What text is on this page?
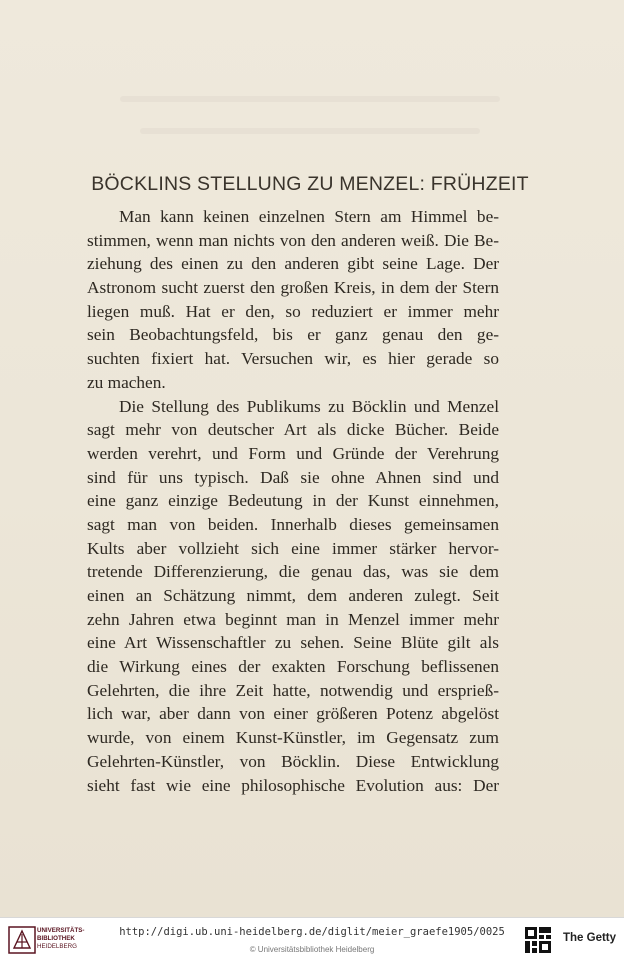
BÖCKLINS STELLUNG ZU MENZEL: FRÜHZEIT
Man kann keinen einzelnen Stern am Himmel be-
stimmen, wenn man nichts von den anderen weiß. Die Be-
ziehung des einen zu den anderen gibt seine Lage. Der
Astronom sucht zuerst den großen Kreis, in dem der Stern
liegen muß. Hat er den, so reduziert er immer mehr
sein Beobachtungsfeld, bis er ganz genau den ge-
suchten fixiert hat. Versuchen wir, es hier gerade so
zu machen.
Die Stellung des Publikums zu Böcklin und Menzel
sagt mehr von deutscher Art als dicke Bücher. Beide
werden verehrt, und Form und Gründe der Verehrung
sind für uns typisch. Daß sie ohne Ahnen sind und
eine ganz einzige Bedeutung in der Kunst einnehmen,
sagt man von beiden. Innerhalb dieses gemeinsamen
Kults aber vollzieht sich eine immer stärker hervor-
tretende Differenzierung, die genau das, was sie dem
einen an Schätzung nimmt, dem anderen zulegt. Seit
zehn Jahren etwa beginnt man in Menzel immer mehr
eine Art Wissenschaftler zu sehen. Seine Blüte gilt als
die Wirkung eines der exakten Forschung beflissenen
Gelehrten, die ihre Zeit hatte, notwendig und ersprieß-
lich war, aber dann von einer größeren Potenz abgelöst
wurde, von einem Kunst-Künstler, im Gegensatz zum
Gelehrten-Künstler, von Böcklin. Diese Entwicklung
sieht fast wie eine philosophische Evolution aus: Der
UNIVERSITÄTS-
BIBLIOTHEK
HEIDELBERG
http://digi.ub.uni-heidelberg.de/diglit/meier_graefe1905/0025
© Universitätsbibliothek Heidelberg
The Getty
